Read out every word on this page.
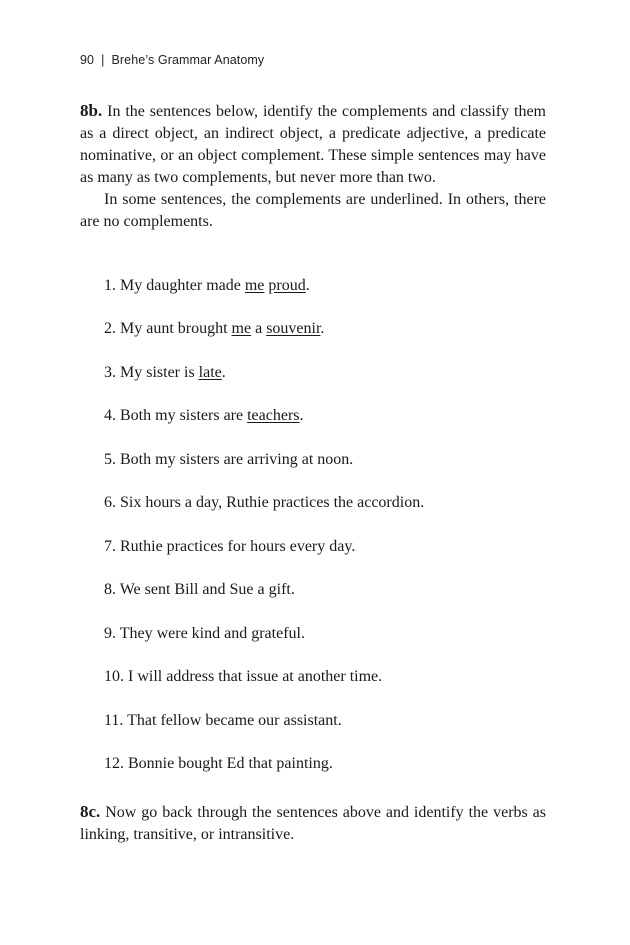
90 | Brehe’s Grammar Anatomy

8b. In the sentences below, identify the complements and classify them as a direct object, an indirect object, a predicate adjective, a predicate nominative, or an object complement. These simple sentences may have as many as two complements, but never more than two.

In some sentences, the complements are underlined. In others, there are no complements.

1. My daughter made me proud.
2. My aunt brought me a souvenir.
3. My sister is late.
4. Both my sisters are teachers.
5. Both my sisters are arriving at noon.
6. Six hours a day, Ruthie practices the accordion.
7. Ruthie practices for hours every day.
8. We sent Bill and Sue a gift.
9. They were kind and grateful.
10. I will address that issue at another time.
11. That fellow became our assistant.
12. Bonnie bought Ed that painting.

8c. Now go back through the sentences above and identify the verbs as linking, transitive, or intransitive.
